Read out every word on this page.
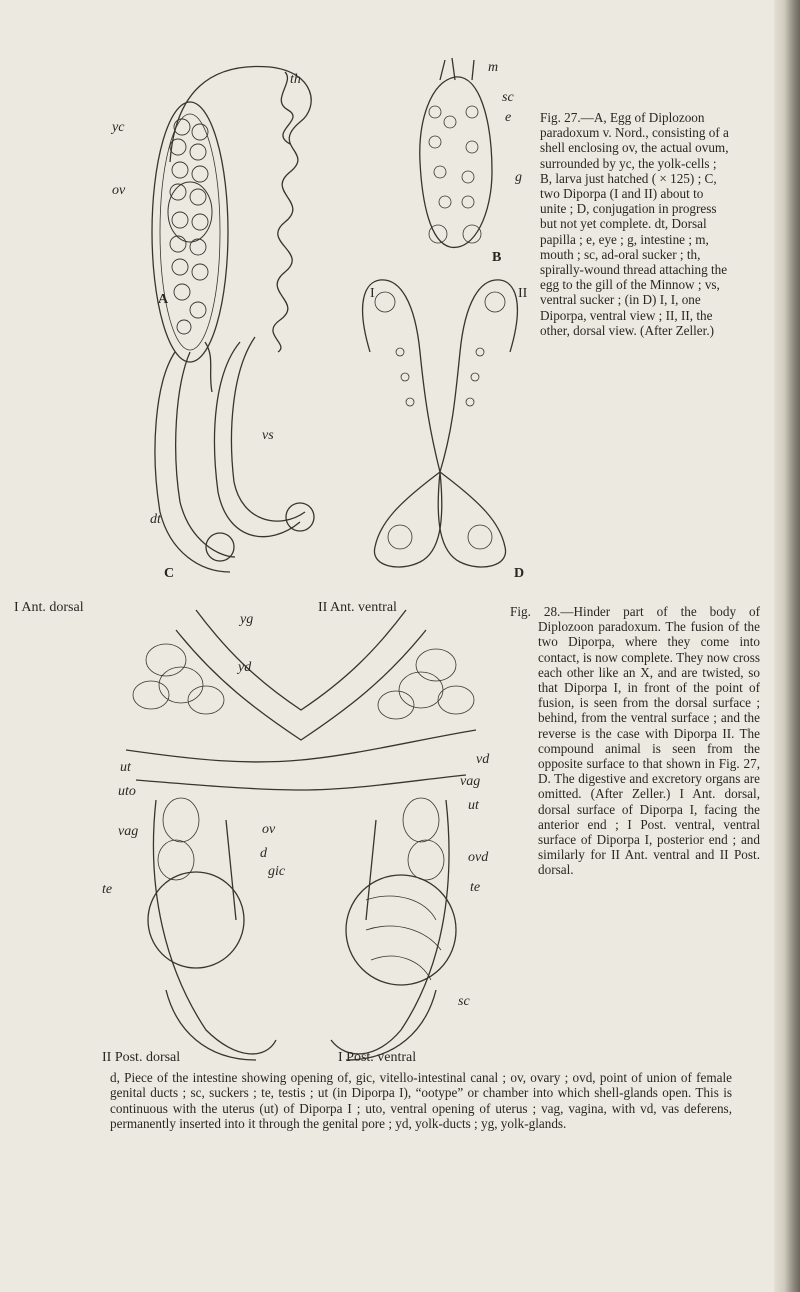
yc
ov
th
A
m
sc
e
g
B
vs
dt
C	D
I	II
Fig. 27.—A, Egg of Diplozoon paradoxum v. Nord., consisting of a shell enclosing ov, the actual ovum, surrounded by yc, the yolk-cells ; B, larva just hatched ( × 125) ; C, two Diporpa (I and II) about to unite ; D, conjugation in progress but not yet complete. dt, Dorsal papilla ; e, eye ; g, intestine ; m, mouth ; sc, ad-oral sucker ; th, spirally-wound thread attaching the egg to the gill of the Minnow ; vs, ventral sucker ; (in D) I, I, one Diporpa, ventral view ; II, II, the other, dorsal view. (After Zeller.)
I Ant. dorsal	II Ant. ventral
II Post. dorsal	I Post. ventral
yg
yd
ut
uto
vag
te
vd
vag
ut
ovd
ov
d
gic
te
sc
Fig. 28.—Hinder part of the body of Diplozoon paradoxum. The fusion of the two Diporpa, where they come into contact, is now complete. They now cross each other like an X, and are twisted, so that Diporpa I, in front of the point of fusion, is seen from the dorsal surface ; behind, from the ventral surface ; and the reverse is the case with Diporpa II. The compound animal is seen from the opposite surface to that shown in Fig. 27, D. The digestive and excretory organs are omitted. (After Zeller.) I Ant. dorsal, dorsal surface of Diporpa I, facing the anterior end ; I Post. ventral, ventral surface of Diporpa I, posterior end ; and similarly for II Ant. ventral and II Post. dorsal.
d, Piece of the intestine showing opening of, gic, vitello-intestinal canal ; ov, ovary ; ovd, point of union of female genital ducts ; sc, suckers ; te, testis ; ut (in Diporpa I), “ootype” or chamber into which shell-glands open. This is continuous with the uterus (ut) of Diporpa I ; uto, ventral opening of uterus ; vag, vagina, with vd, vas deferens, permanently inserted into it through the genital pore ; yd, yolk-ducts ; yg, yolk-glands.
